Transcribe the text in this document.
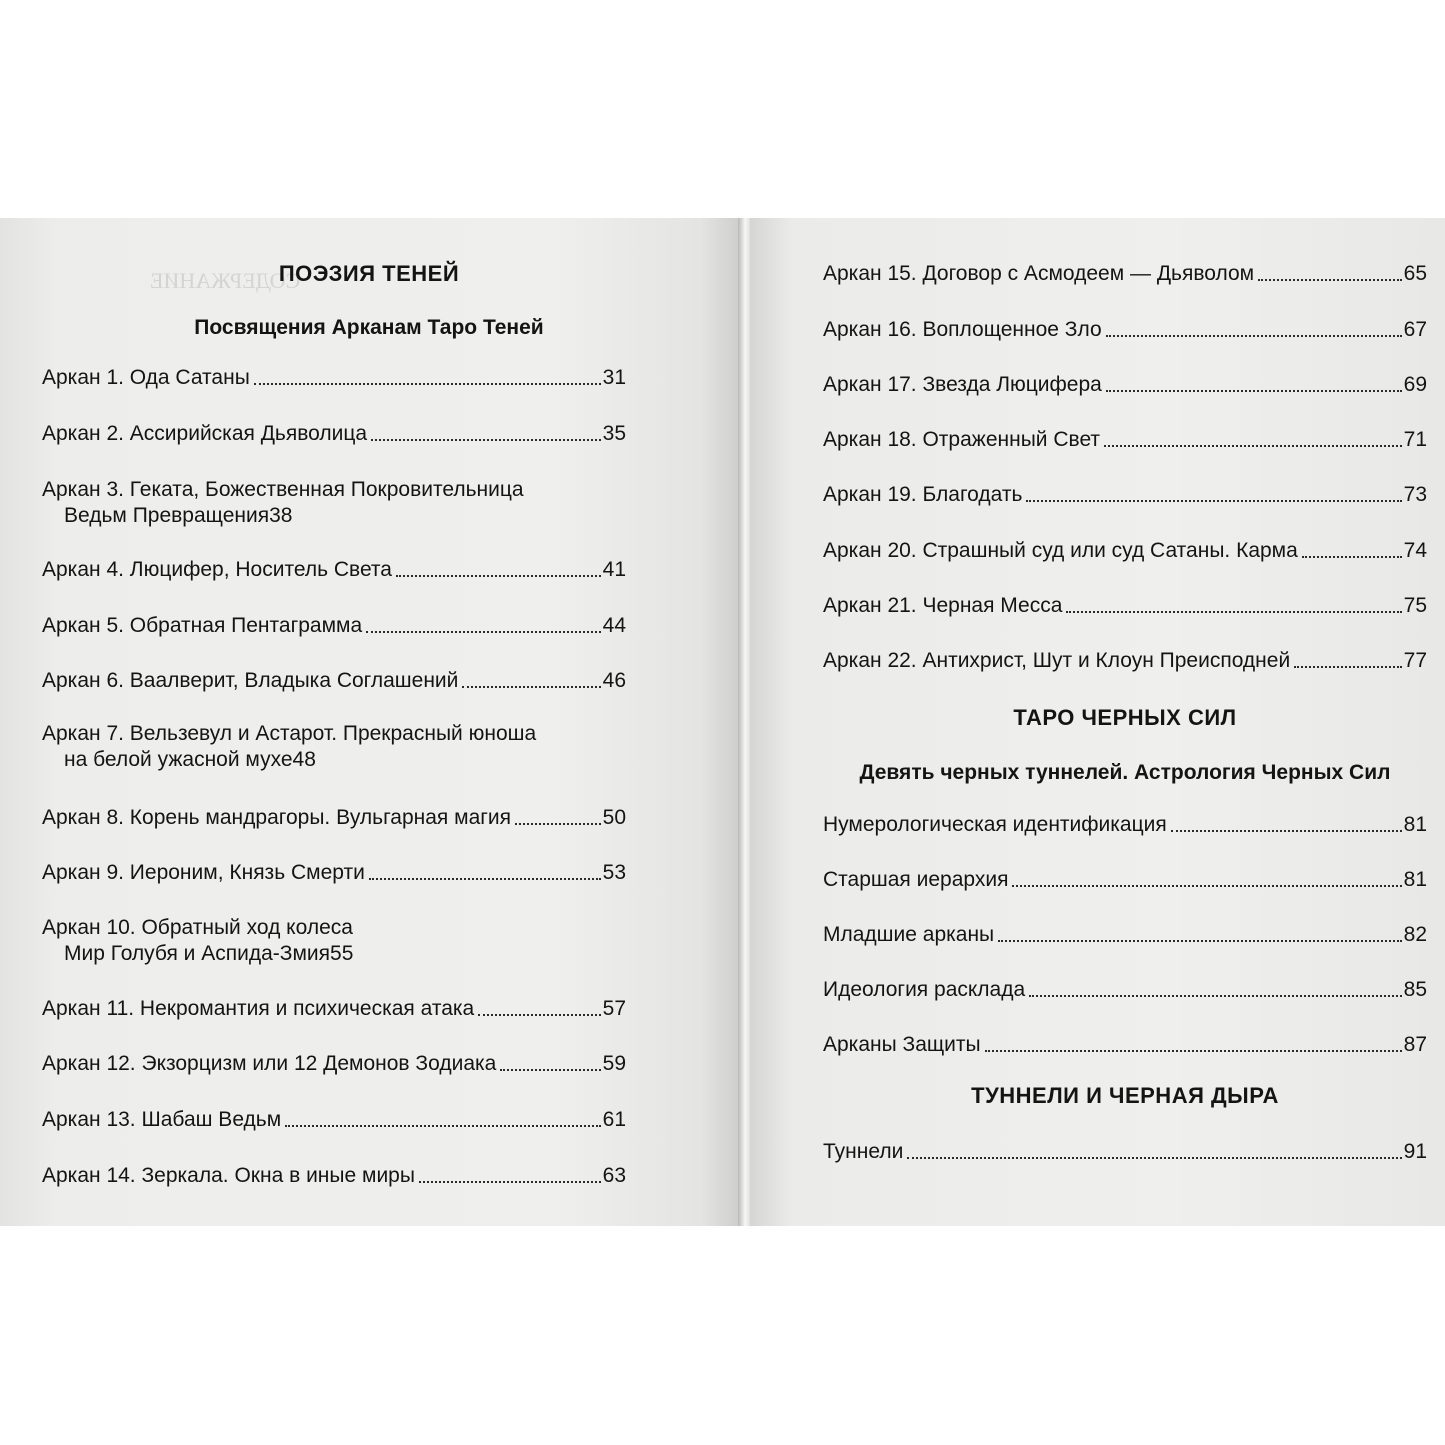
СОДЕРЖАНИЕ
ПОЭЗИЯ ТЕНЕЙ
Посвящения Арканам Таро Теней
Аркан 1. Ода Сатаны	31
Аркан 2. Ассирийская Дьяволица	35
Аркан 3. Геката, Божественная Покровительница
Ведьм Превращения 38
Аркан 4. Люцифер, Носитель Света	41
Аркан 5. Обратная Пентаграмма	44
Аркан 6. Ваалверит, Владыка Соглашений	46
Аркан 7. Вельзевул и Астарот. Прекрасный юноша
на белой ужасной мухе 48
Аркан 8. Корень мандрагоры. Вульгарная магия	50
Аркан 9. Иероним, Князь Смерти	53
Аркан 10. Обратный ход колеса
Мир Голубя и Аспида-Змия 55
Аркан 11. Некромантия и психическая атака	57
Аркан 12. Экзорцизм или 12 Демонов Зодиака	59
Аркан 13. Шабаш Ведьм	61
Аркан 14. Зеркала. Окна в иные миры	63
Аркан 15. Договор с Асмодеем — Дьяволом	65
Аркан 16. Воплощенное Зло	67
Аркан 17. Звезда Люцифера	69
Аркан 18. Отраженный Свет	71
Аркан 19. Благодать	73
Аркан 20. Страшный суд или суд Сатаны. Карма	74
Аркан 21. Черная Месса	75
Аркан 22. Антихрист, Шут и Клоун Преисподней	77
ТАРО ЧЕРНЫХ СИЛ
Девять черных туннелей. Астрология Черных Сил
Нумерологическая идентификация	81
Старшая иерархия	81
Младшие арканы	82
Идеология расклада	85
Арканы Защиты	87
ТУННЕЛИ И ЧЕРНАЯ ДЫРА
Туннели	91
